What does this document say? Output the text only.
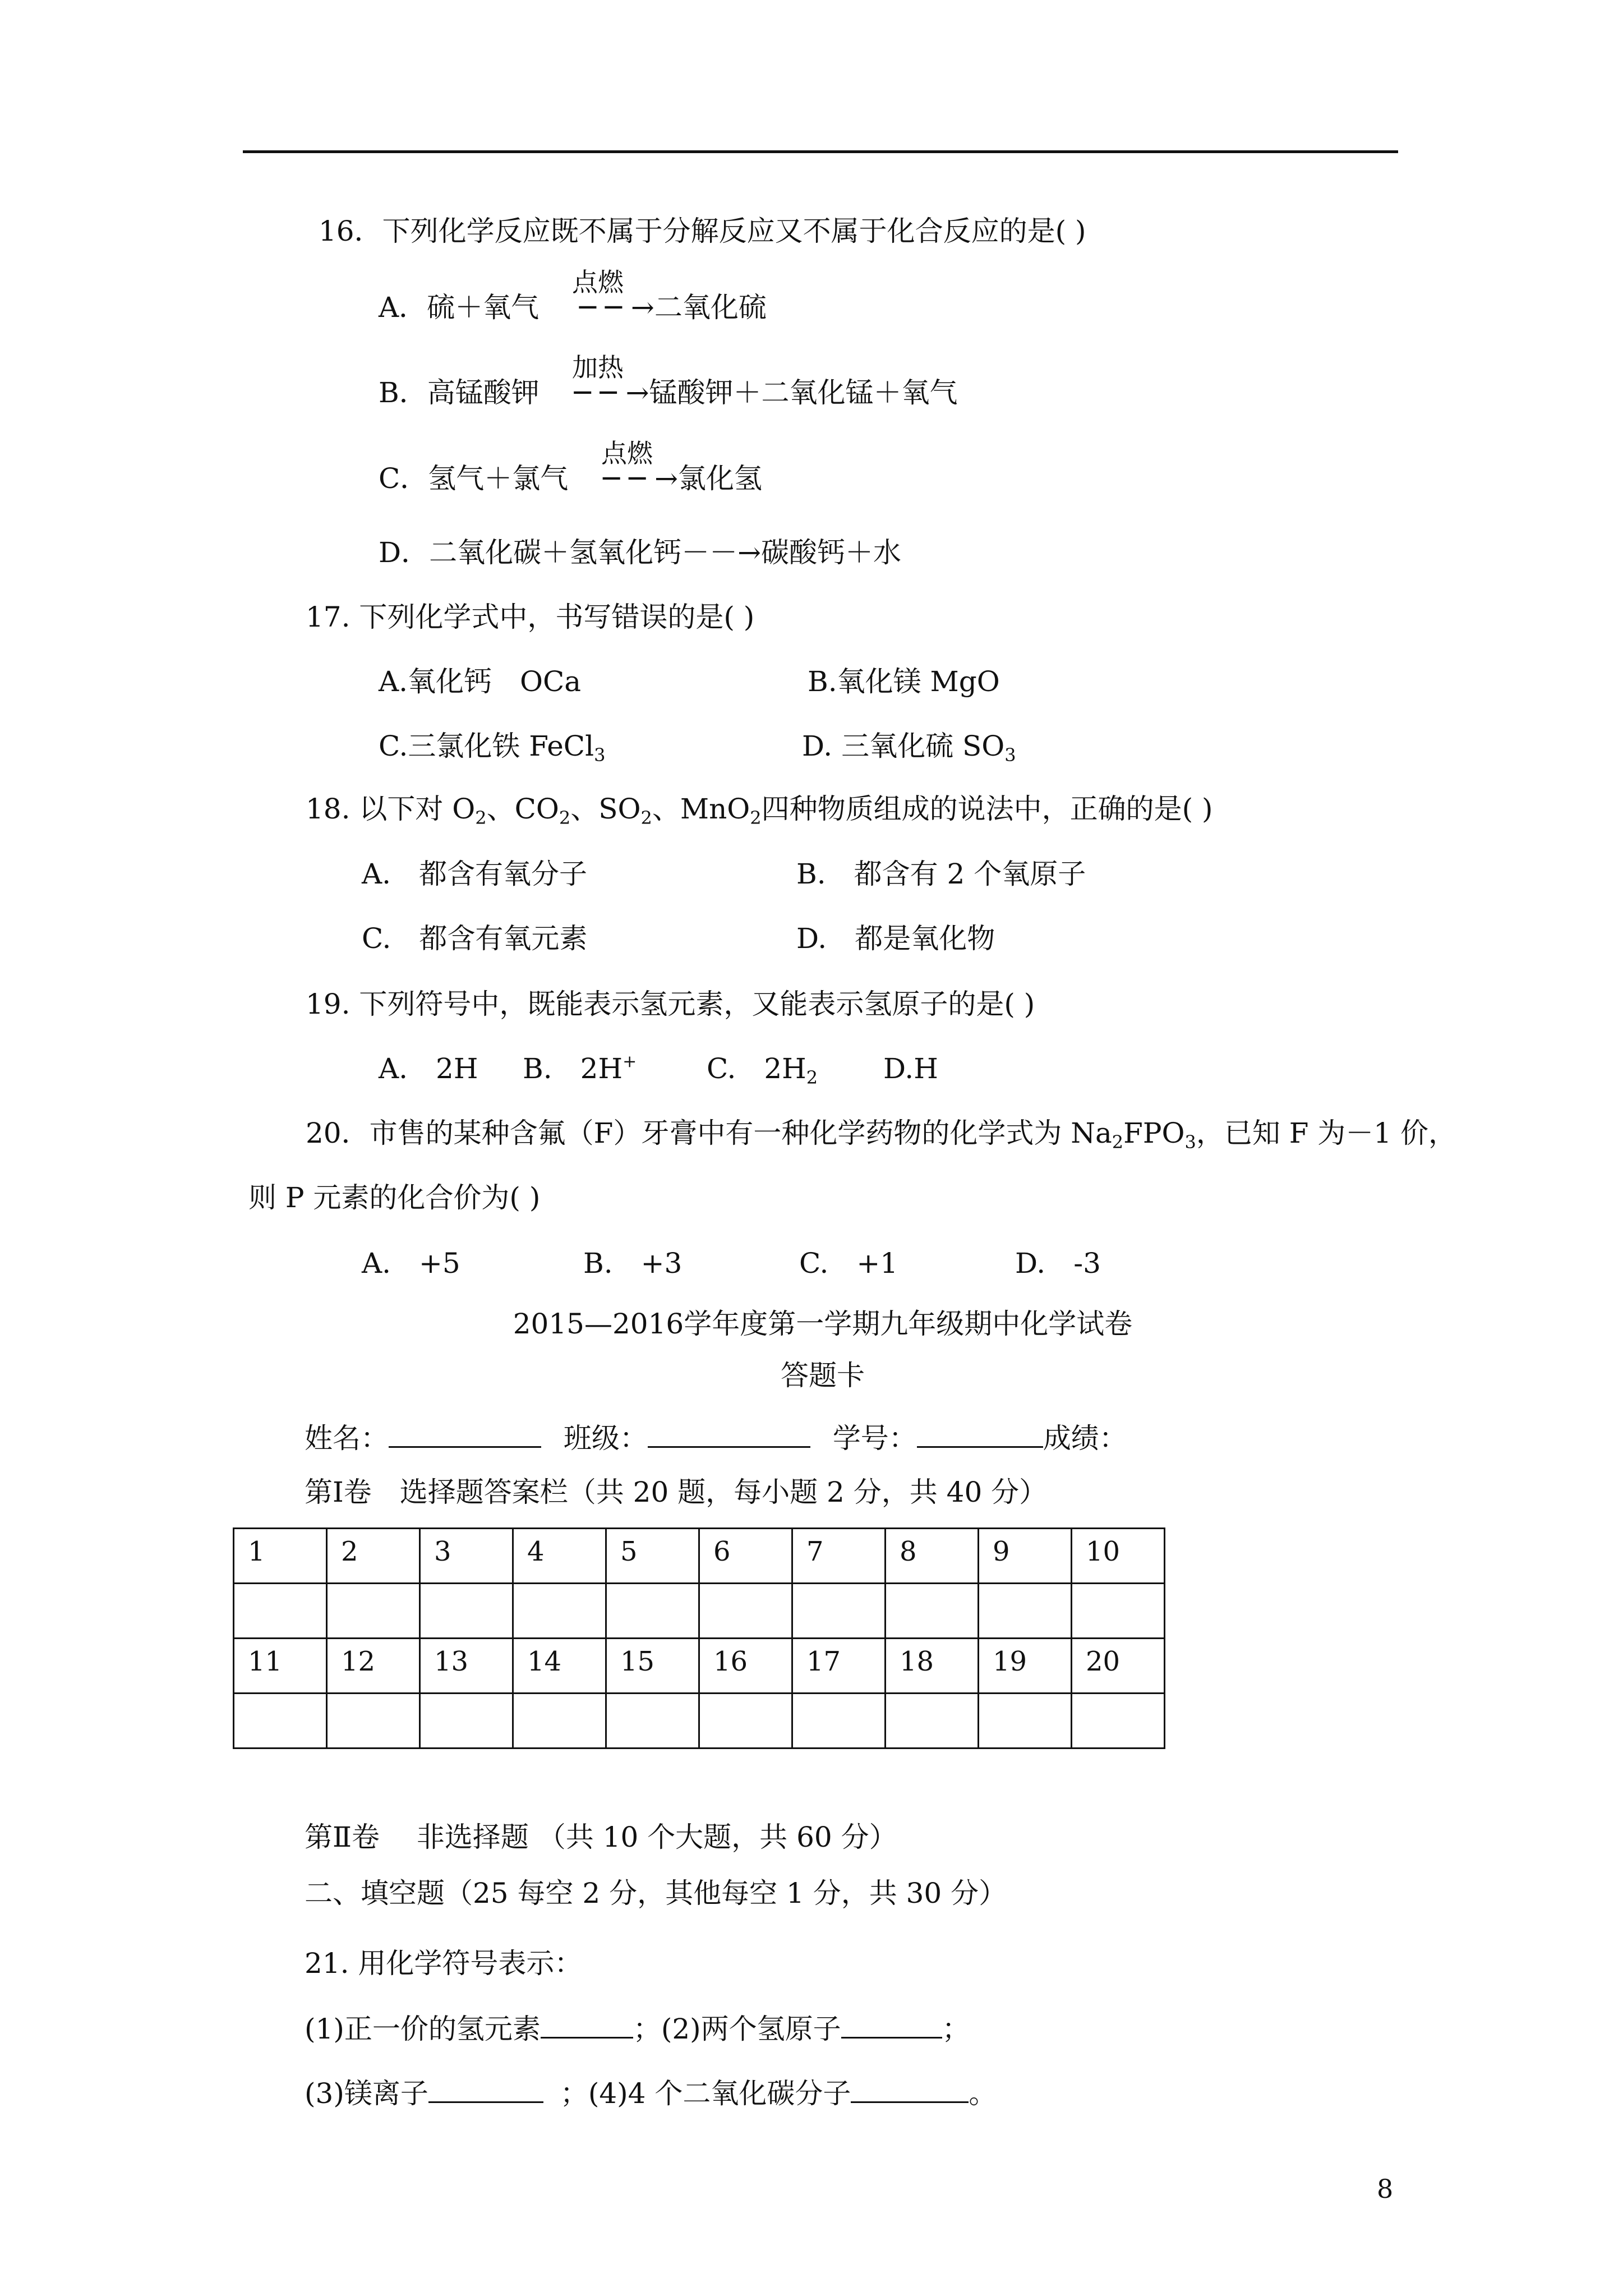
16．下列化学反应既不属于分解反应又不属于化合反应的是( )
A．硫＋氧气 ─ ─ →二氧化硫
点燃
B．高锰酸钾 ─ ─ →锰酸钾＋二氧化锰＋氧气
加热
C．氢气＋氯气 ─ ─ →氯化氢
点燃
D．二氧化碳＋氢氧化钙－－→碳酸钙＋水
17. 下列化学式中，书写错误的是( )
A.氧化钙　OCa	B.氧化镁 MgO
C.三氯化铁 FeCl$_3$	D. 三氧化硫 $SO_3$
18. 以下对 $O_2$、$CO_2$、$SO_2$、MnO$_2$四种物质组成的说法中，正确的是( )
A.　都含有氧分子	B.　都含有 2 个氧原子
C.　都含有氧元素	D.　都是氧化物
19. 下列符号中，既能表示氢元素，又能表示氢原子的是( )
A.　2H B.　2H+ C.　$2H_2$ D.H
20．市售的某种含氟（F）牙膏中有一种化学药物的化学式为 $Na_2FPO_3$，已知 F 为－1 价，
则 P 元素的化合价为( )
A.　+5	B.　+3	C.　+1	D.　-3
2015—2016学年度第一学期九年级期中化学试卷
答题卡
姓名：	班级：	学号：	成绩：
第Ⅰ卷　选择题答案栏（共 20 题，每小题 2 分，共 40 分）
1	2	3	4	5	6	7	8	9	10

11	12	13	14	15	16	17	18	19	20

第Ⅱ卷　 非选择题 （共 10 个大题，共 60 分）
二、填空题（25 每空 2 分，其他每空 1 分，共 30 分）
21. 用化学符号表示：
(1)正一价的氢元素	；(2)两个氢原子	；
(3)镁离子	；(4)4 个二氧化碳分子	。
8
